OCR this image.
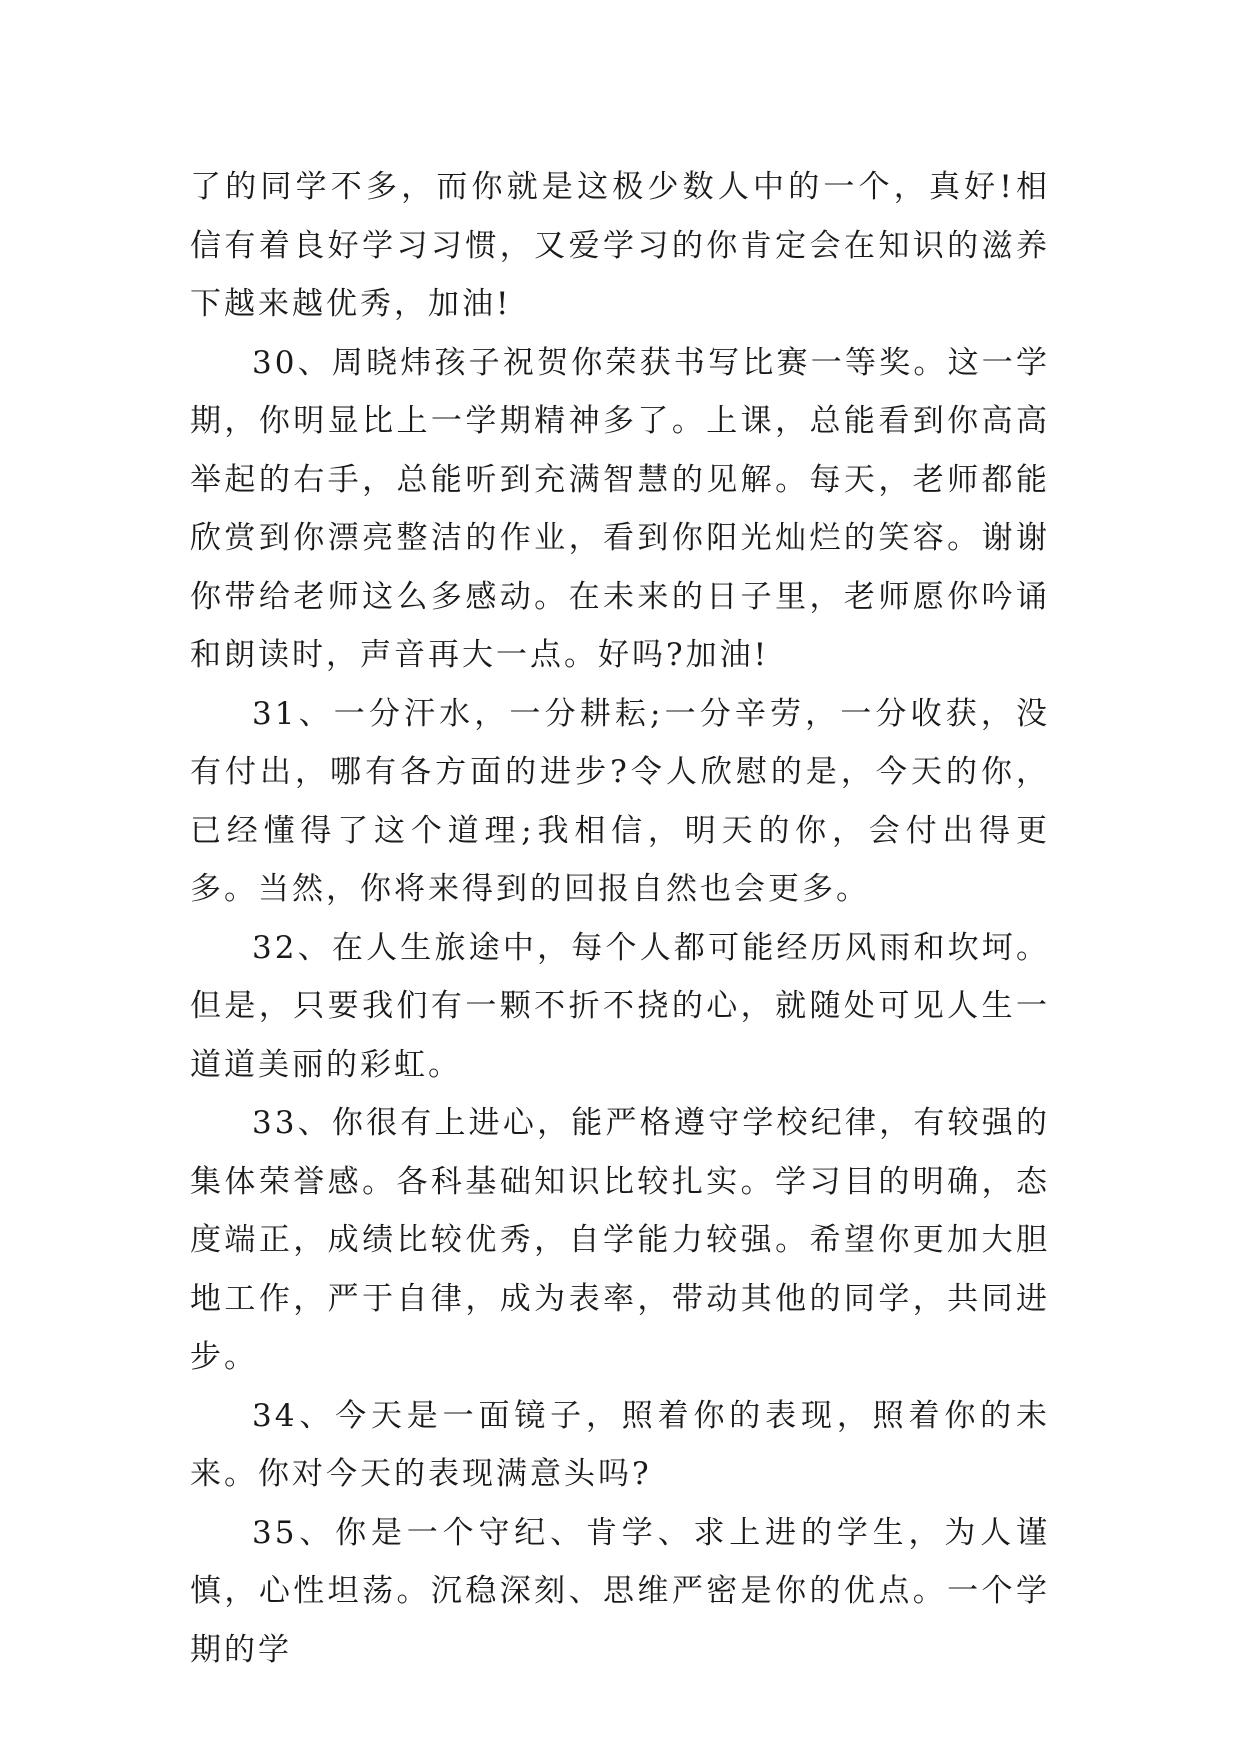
了的同学不多，而你就是这极少数人中的一个，真好!相信有着良好学习习惯，又爱学习的你肯定会在知识的滋养下越来越优秀，加油!

30、周晓炜孩子祝贺你荣获书写比赛一等奖。这一学期，你明显比上一学期精神多了。上课，总能看到你高高举起的右手，总能听到充满智慧的见解。每天，老师都能欣赏到你漂亮整洁的作业，看到你阳光灿烂的笑容。谢谢你带给老师这么多感动。在未来的日子里，老师愿你吟诵和朗读时，声音再大一点。好吗?加油!

31、一分汗水，一分耕耘;一分辛劳，一分收获，没有付出，哪有各方面的进步?令人欣慰的是，今天的你，已经懂得了这个道理;我相信，明天的你，会付出得更多。当然，你将来得到的回报自然也会更多。

32、在人生旅途中，每个人都可能经历风雨和坎坷。但是，只要我们有一颗不折不挠的心，就随处可见人生一道道美丽的彩虹。

33、你很有上进心，能严格遵守学校纪律，有较强的集体荣誉感。各科基础知识比较扎实。学习目的明确，态度端正，成绩比较优秀，自学能力较强。希望你更加大胆地工作，严于自律，成为表率，带动其他的同学，共同进步。

34、今天是一面镜子，照着你的表现，照着你的未来。你对今天的表现满意头吗?

35、你是一个守纪、肯学、求上进的学生，为人谨慎，心性坦荡。沉稳深刻、思维严密是你的优点。一个学期的学
